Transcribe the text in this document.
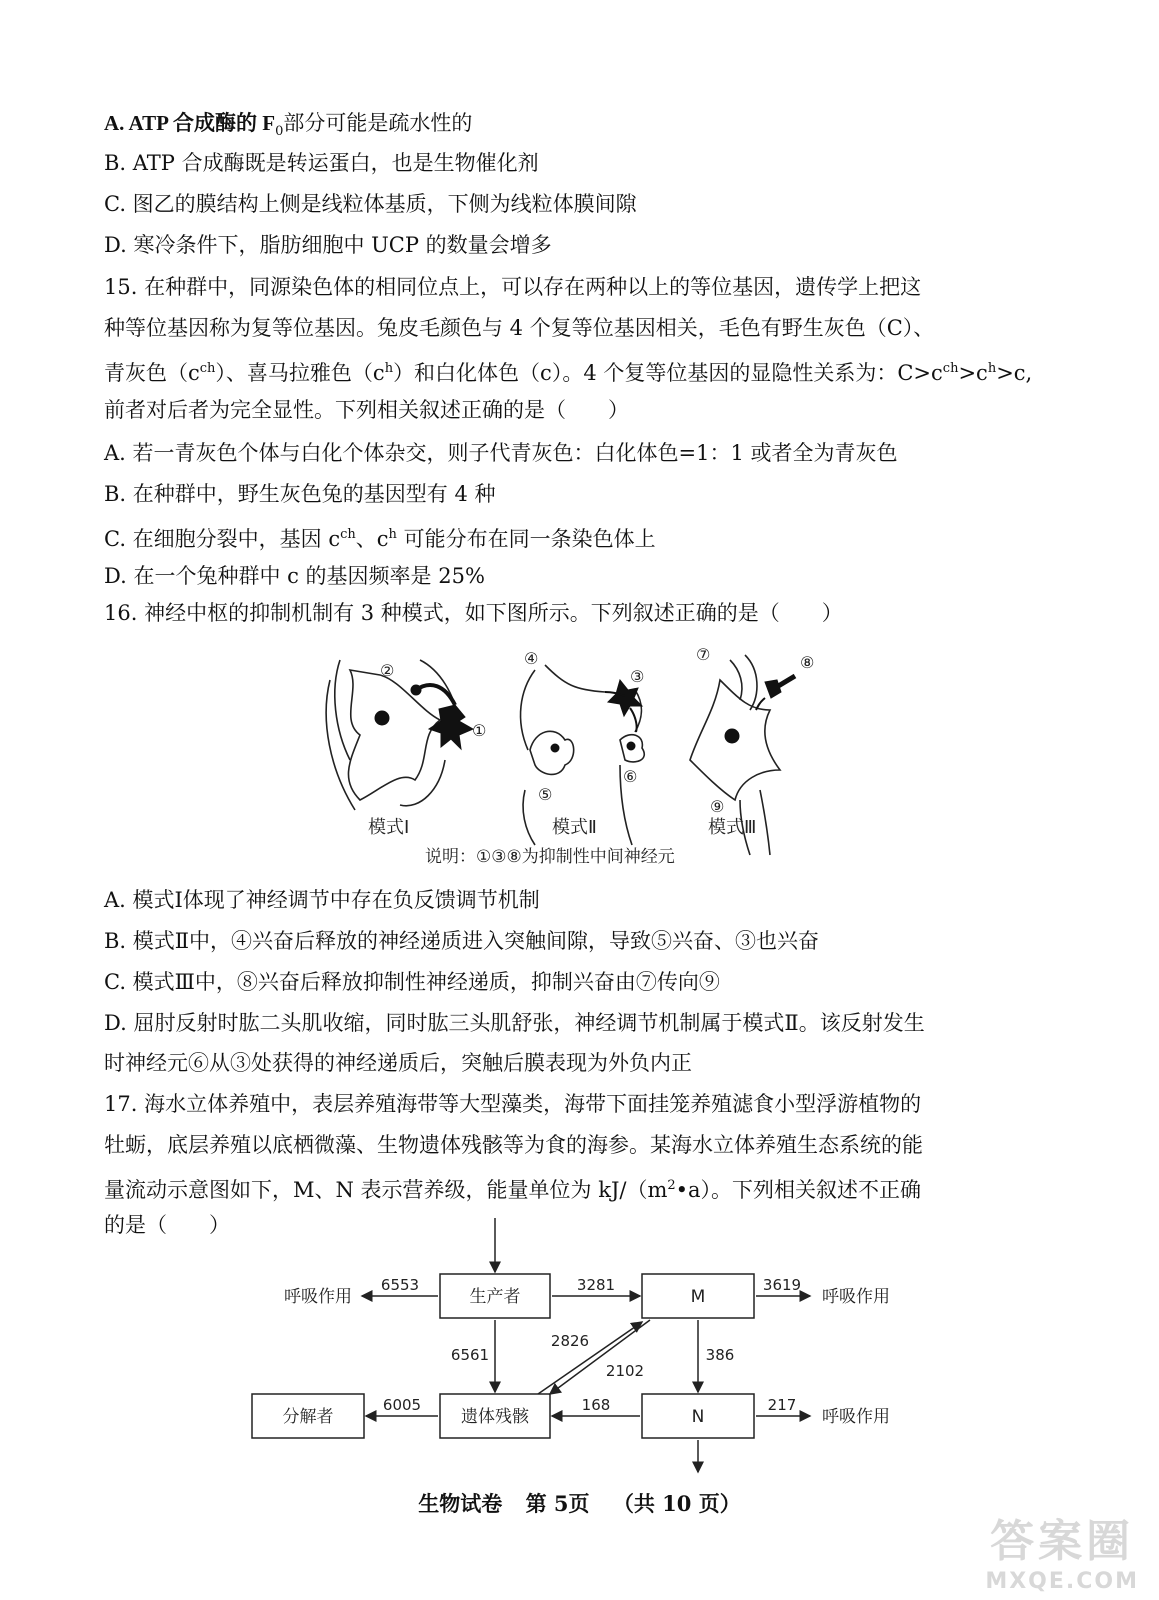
A. ATP 合成酶的 $F_0$部分可能是疏水性的
B. ATP 合成酶既是转运蛋白，也是生物催化剂
C. 图乙的膜结构上侧是线粒体基质，下侧为线粒体膜间隙
D. 寒冷条件下，脂肪细胞中 UCP 的数量会增多
15. 在种群中，同源染色体的相同位点上，可以存在两种以上的等位基因，遗传学上把这
种等位基因称为复等位基因。兔皮毛颜色与 4 个复等位基因相关，毛色有野生灰色（C）、
青灰色$(c^{ch})$、喜马拉雅色$(c^h)$和白化体色（c）。4 个复等位基因的显隐性关系为：$C>c^{ch}>c^h>c$,
前者对后者为完全显性。下列相关叙述正确的是（　　）
A. 若一青灰色个体与白化个体杂交，则子代青灰色：白化体色=1：1 或者全为青灰色
B. 在种群中，野生灰色兔的基因型有 4 种
C. 在细胞分裂中，基因 $c^{ch}$、$c^h$ 可能分布在同一条染色体上
D. 在一个兔种群中 c 的基因频率是 25%
16. 神经中枢的抑制机制有 3 种模式，如下图所示。下列叙述正确的是（　　）
①
②	③
④
⑤
⑥
⑦	⑧
⑨
模式Ⅰ	模式Ⅱ	模式Ⅲ
说明：①③⑧为抑制性中间神经元
A. 模式Ⅰ体现了神经调节中存在负反馈调节机制
B. 模式Ⅱ中，④兴奋后释放的神经递质进入突触间隙，导致⑤兴奋、③也兴奋
C. 模式Ⅲ中，⑧兴奋后释放抑制性神经递质，抑制兴奋由⑦传向⑨
D. 屈肘反射时肱二头肌收缩，同时肱三头肌舒张，神经调节机制属于模式Ⅱ。该反射发生
时神经元⑥从③处获得的神经递质后，突触后膜表现为外负内正
17. 海水立体养殖中，表层养殖海带等大型藻类，海带下面挂笼养殖滤食小型浮游植物的
牡蛎，底层养殖以底栖微藻、生物遗体残骸等为食的海参。某海水立体养殖生态系统的能
量流动示意图如下，M、N 表示营养级，能量单位为 $kJ/(m^2•a)$。下列相关叙述不正确
的是（　　）
生产者	M
遗体残骸	N
分解者
呼吸作用	呼吸作用
呼吸作用
6553	3281	3619
6561
2826
2102
386
6005	168	217
生物试卷 第 5页 （共 10 页）
答案圈
MXQE.COM
